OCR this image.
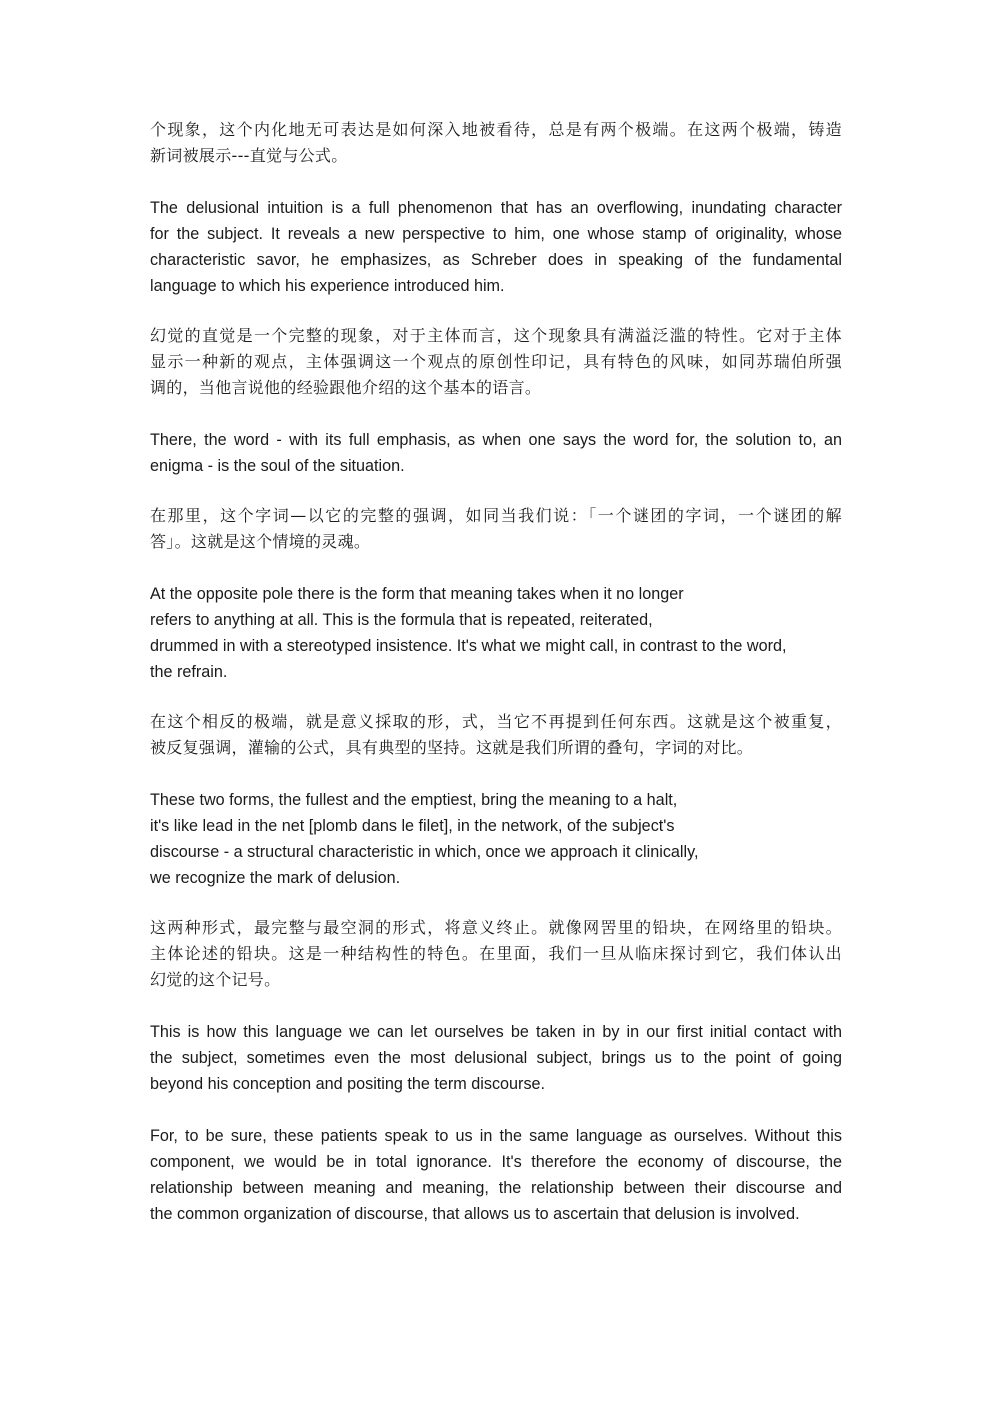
个现象，这个内化地无可表达是如何深入地被看待，总是有两个极端。在这两个极端，铸造
新词被展示---直觉与公式。
The delusional intuition is a full phenomenon that has an overflowing, inundating character
for the subject. It reveals a new perspective to him, one whose stamp of originality, whose
characteristic savor, he emphasizes, as Schreber does in speaking of the fundamental
language to which his experience introduced him.
幻觉的直觉是一个完整的现象，对于主体而言，这个现象具有满溢泛滥的特性。它对于主体
显示一种新的观点，主体强调这一个观点的原创性印记，具有特色的风味，如同苏瑞伯所强
调的，当他言说他的经验跟他介绍的这个基本的语言。
There, the word - with its full emphasis, as when one says the word for, the solution to, an
enigma - is the soul of the situation.
在那里，这个字词—以它的完整的强调，如同当我们说：「一个谜团的字词，一个谜团的解
答」。这就是这个情境的灵魂。
At the opposite pole there is the form that meaning takes when it no longer
refers to anything at all. This is the formula that is repeated, reiterated,
drummed in with a stereotyped insistence. It's what we might call, in contrast to the word,
the refrain.
在这个相反的极端，就是意义採取的形，式，当它不再提到任何东西。这就是这个被重复，
被反复强调，灌输的公式，具有典型的坚持。这就是我们所谓的叠句，字词的对比。
These two forms, the fullest and the emptiest, bring the meaning to a halt,
it's like lead in the net [plomb dans le filet], in the network, of the subject's
discourse - a structural characteristic in which, once we approach it clinically,
we recognize the mark of delusion.
这两种形式，最完整与最空洞的形式，将意义终止。就像网罟里的铅块，在网络里的铅块。
主体论述的铅块。这是一种结构性的特色。在里面，我们一旦从临床探讨到它，我们体认出
幻觉的这个记号。
This is how this language we can let ourselves be taken in by in our first initial contact with
the subject, sometimes even the most delusional subject, brings us to the point of going
beyond his conception and positing the term discourse.
For, to be sure, these patients speak to us in the same language as ourselves. Without this
component, we would be in total ignorance. It's therefore the economy of discourse, the
relationship between meaning and meaning, the relationship between their discourse and
the common organization of discourse, that allows us to ascertain that delusion is involved.
